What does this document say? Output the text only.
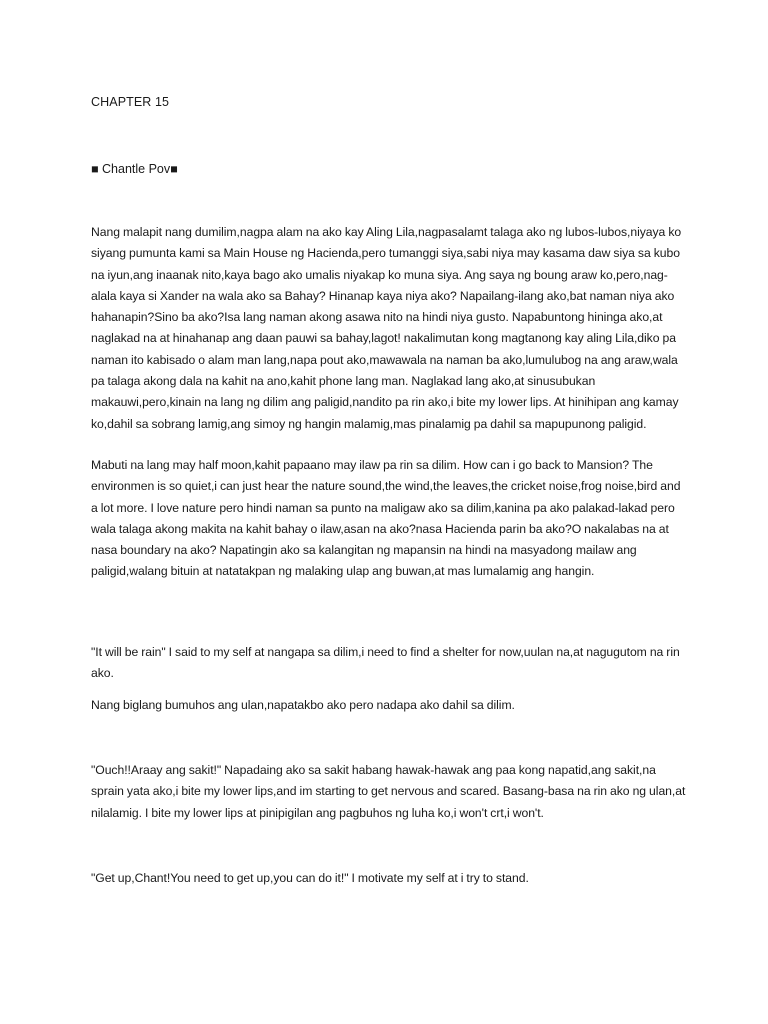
CHAPTER 15

■ Chantle Pov■

Nang malapit nang dumilim,nagpa alam na ako kay Aling Lila,nagpasalamt talaga ako ng lubos-lubos,niyaya ko siyang pumunta kami sa Main House ng Hacienda,pero tumanggi siya,sabi niya may kasama daw siya sa kubo na iyun,ang inaanak nito,kaya bago ako umalis niyakap ko muna siya. Ang saya ng boung araw ko,pero,nag-alala kaya si Xander na wala ako sa Bahay? Hinanap kaya niya ako? Napailang-ilang ako,bat naman niya ako hahanapin?Sino ba ako?Isa lang naman akong asawa nito na hindi niya gusto. Napabuntong hininga ako,at naglakad na at hinahanap ang daan pauwi sa bahay,lagot! nakalimutan kong magtanong kay aling Lila,diko pa naman ito kabisado o alam man lang,napa pout ako,mawawala na naman ba ako,lumulubog na ang araw,wala pa talaga akong dala na kahit na ano,kahit phone lang man. Naglakad lang ako,at sinusubukan makauwi,pero,kinain na lang ng dilim ang paligid,nandito pa rin ako,i bite my lower lips. At hinihipan ang kamay ko,dahil sa sobrang lamig,ang simoy ng hangin malamig,mas pinalamig pa dahil sa mapupunong paligid.

Mabuti na lang may half moon,kahit papaano may ilaw pa rin sa dilim. How can i go back to Mansion? The environmen is so quiet,i can just hear the nature sound,the wind,the leaves,the cricket noise,frog noise,bird and a lot more. I love nature pero hindi naman sa punto na maligaw ako sa dilim,kanina pa ako palakad-lakad pero wala talaga akong makita na kahit bahay o ilaw,asan na ako?nasa Hacienda parin ba ako?O nakalabas na at nasa boundary na ako? Napatingin ako sa kalangitan ng mapansin na hindi na masyadong mailaw ang paligid,walang bituin at natatakpan ng malaking ulap ang buwan,at mas lumalamig ang hangin.

"It will be rain" I said to my self at nangapa sa dilim,i need to find a shelter for now,uulan na,at nagugutom na rin ako.

Nang biglang bumuhos ang ulan,napatakbo ako pero nadapa ako dahil sa dilim.

"Ouch!!Araay ang sakit!" Napadaing ako sa sakit habang hawak-hawak ang paa kong napatid,ang sakit,na sprain yata ako,i bite my lower lips,and im starting to get nervous and scared. Basang-basa na rin ako ng ulan,at nilalamig. I bite my lower lips at pinipigilan ang pagbuhos ng luha ko,i won't crt,i won't.

"Get up,Chant!You need to get up,you can do it!" I motivate my self at i try to stand.
